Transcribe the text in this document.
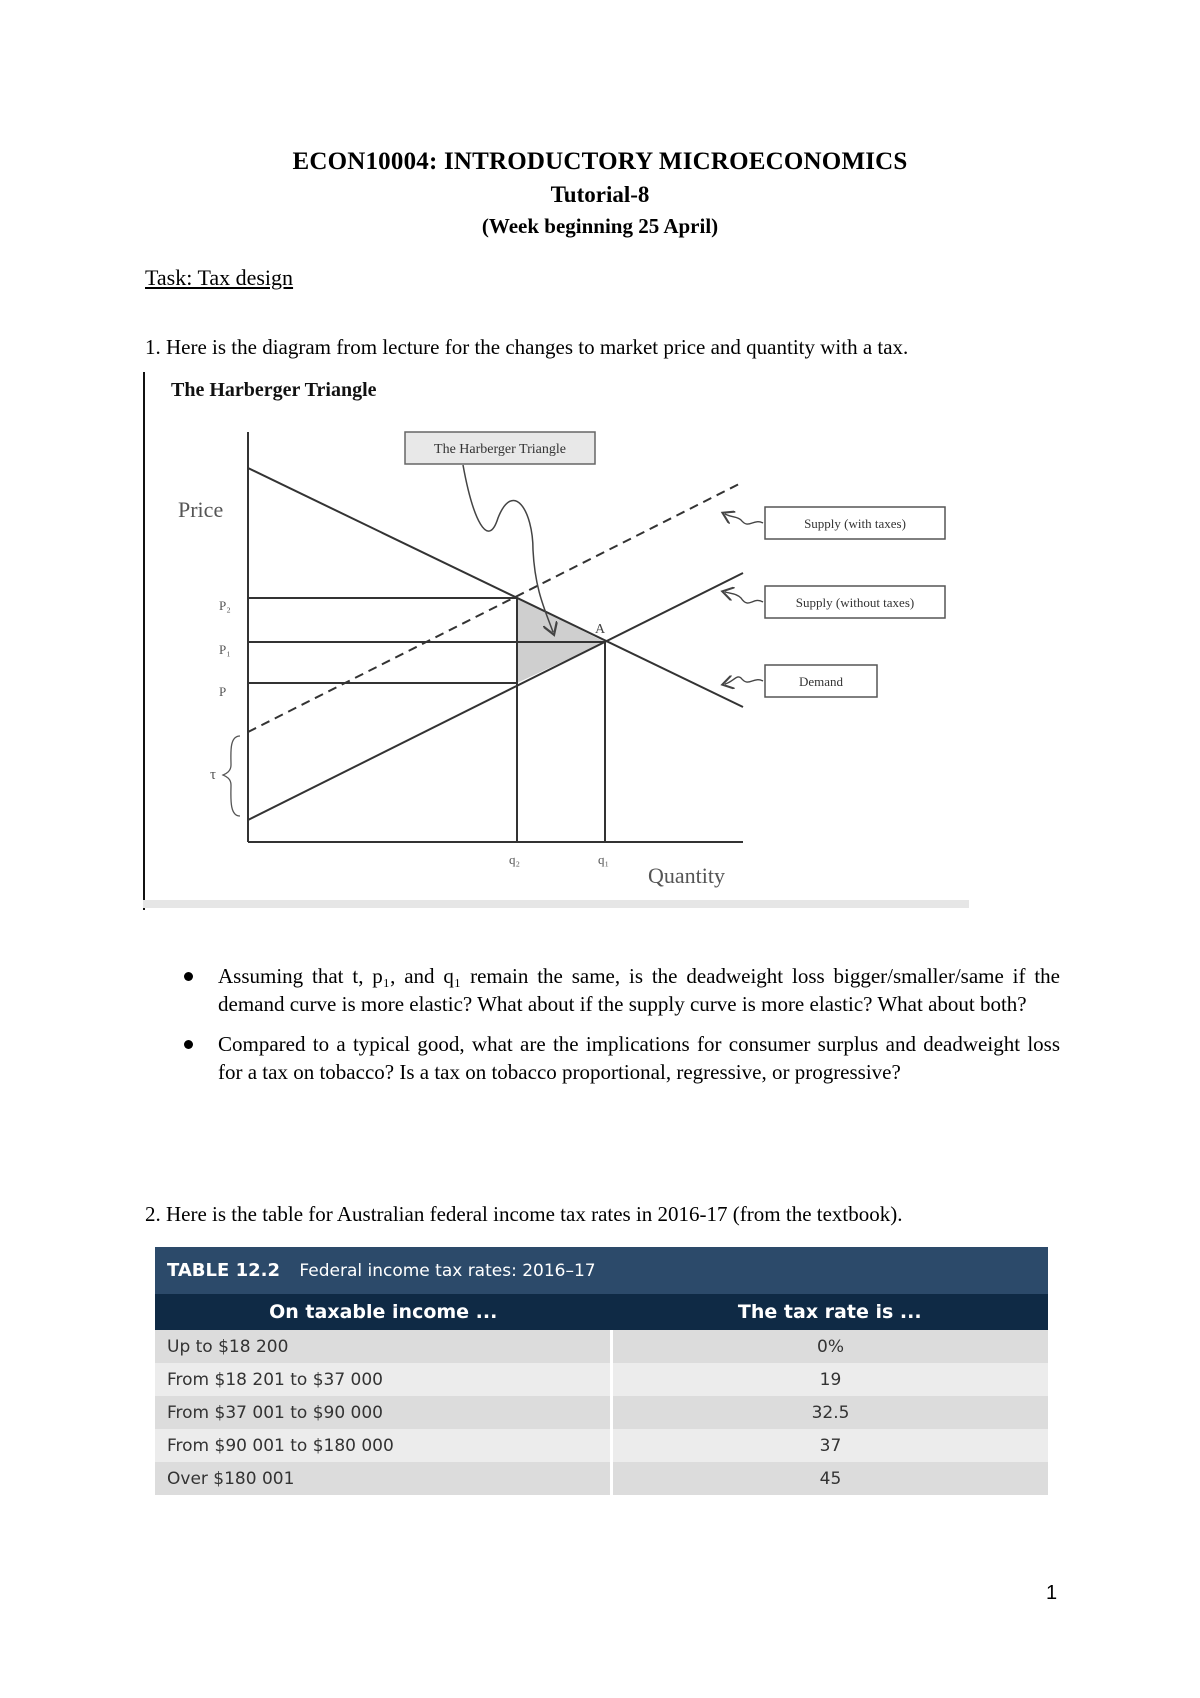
ECON10004: INTRODUCTORY MICROECONOMICS
Tutorial-8
(Week beginning 25 April)
Task: Tax design
1. Here is the diagram from lecture for the changes to market price and quantity with a tax.
The Harberger Triangle
The Harberger Triangle
Price
Quantity
P₂
P₁
P
τ
A
q₂	q₁
Supply (with taxes)
Supply (without taxes)
Demand
Assuming that t, p₁, and q₁ remain the same, is the deadweight loss bigger/smaller/same if the demand curve is more elastic? What about if the supply curve is more elastic? What about both?
Compared to a typical good, what are the implications for consumer surplus and deadweight loss for a tax on tobacco? Is a tax on tobacco proportional, regressive, or progressive?
2. Here is the table for Australian federal income tax rates in 2016-17 (from the textbook).
TABLE 12.2 Federal income tax rates: 2016–17	
On taxable income ...	The tax rate is ...
Up to $18 200	0%
From $18 201 to $37 000	19
From $37 001 to $90 000	32.5
From $90 001 to $180 000	37
Over $180 001	45
1
